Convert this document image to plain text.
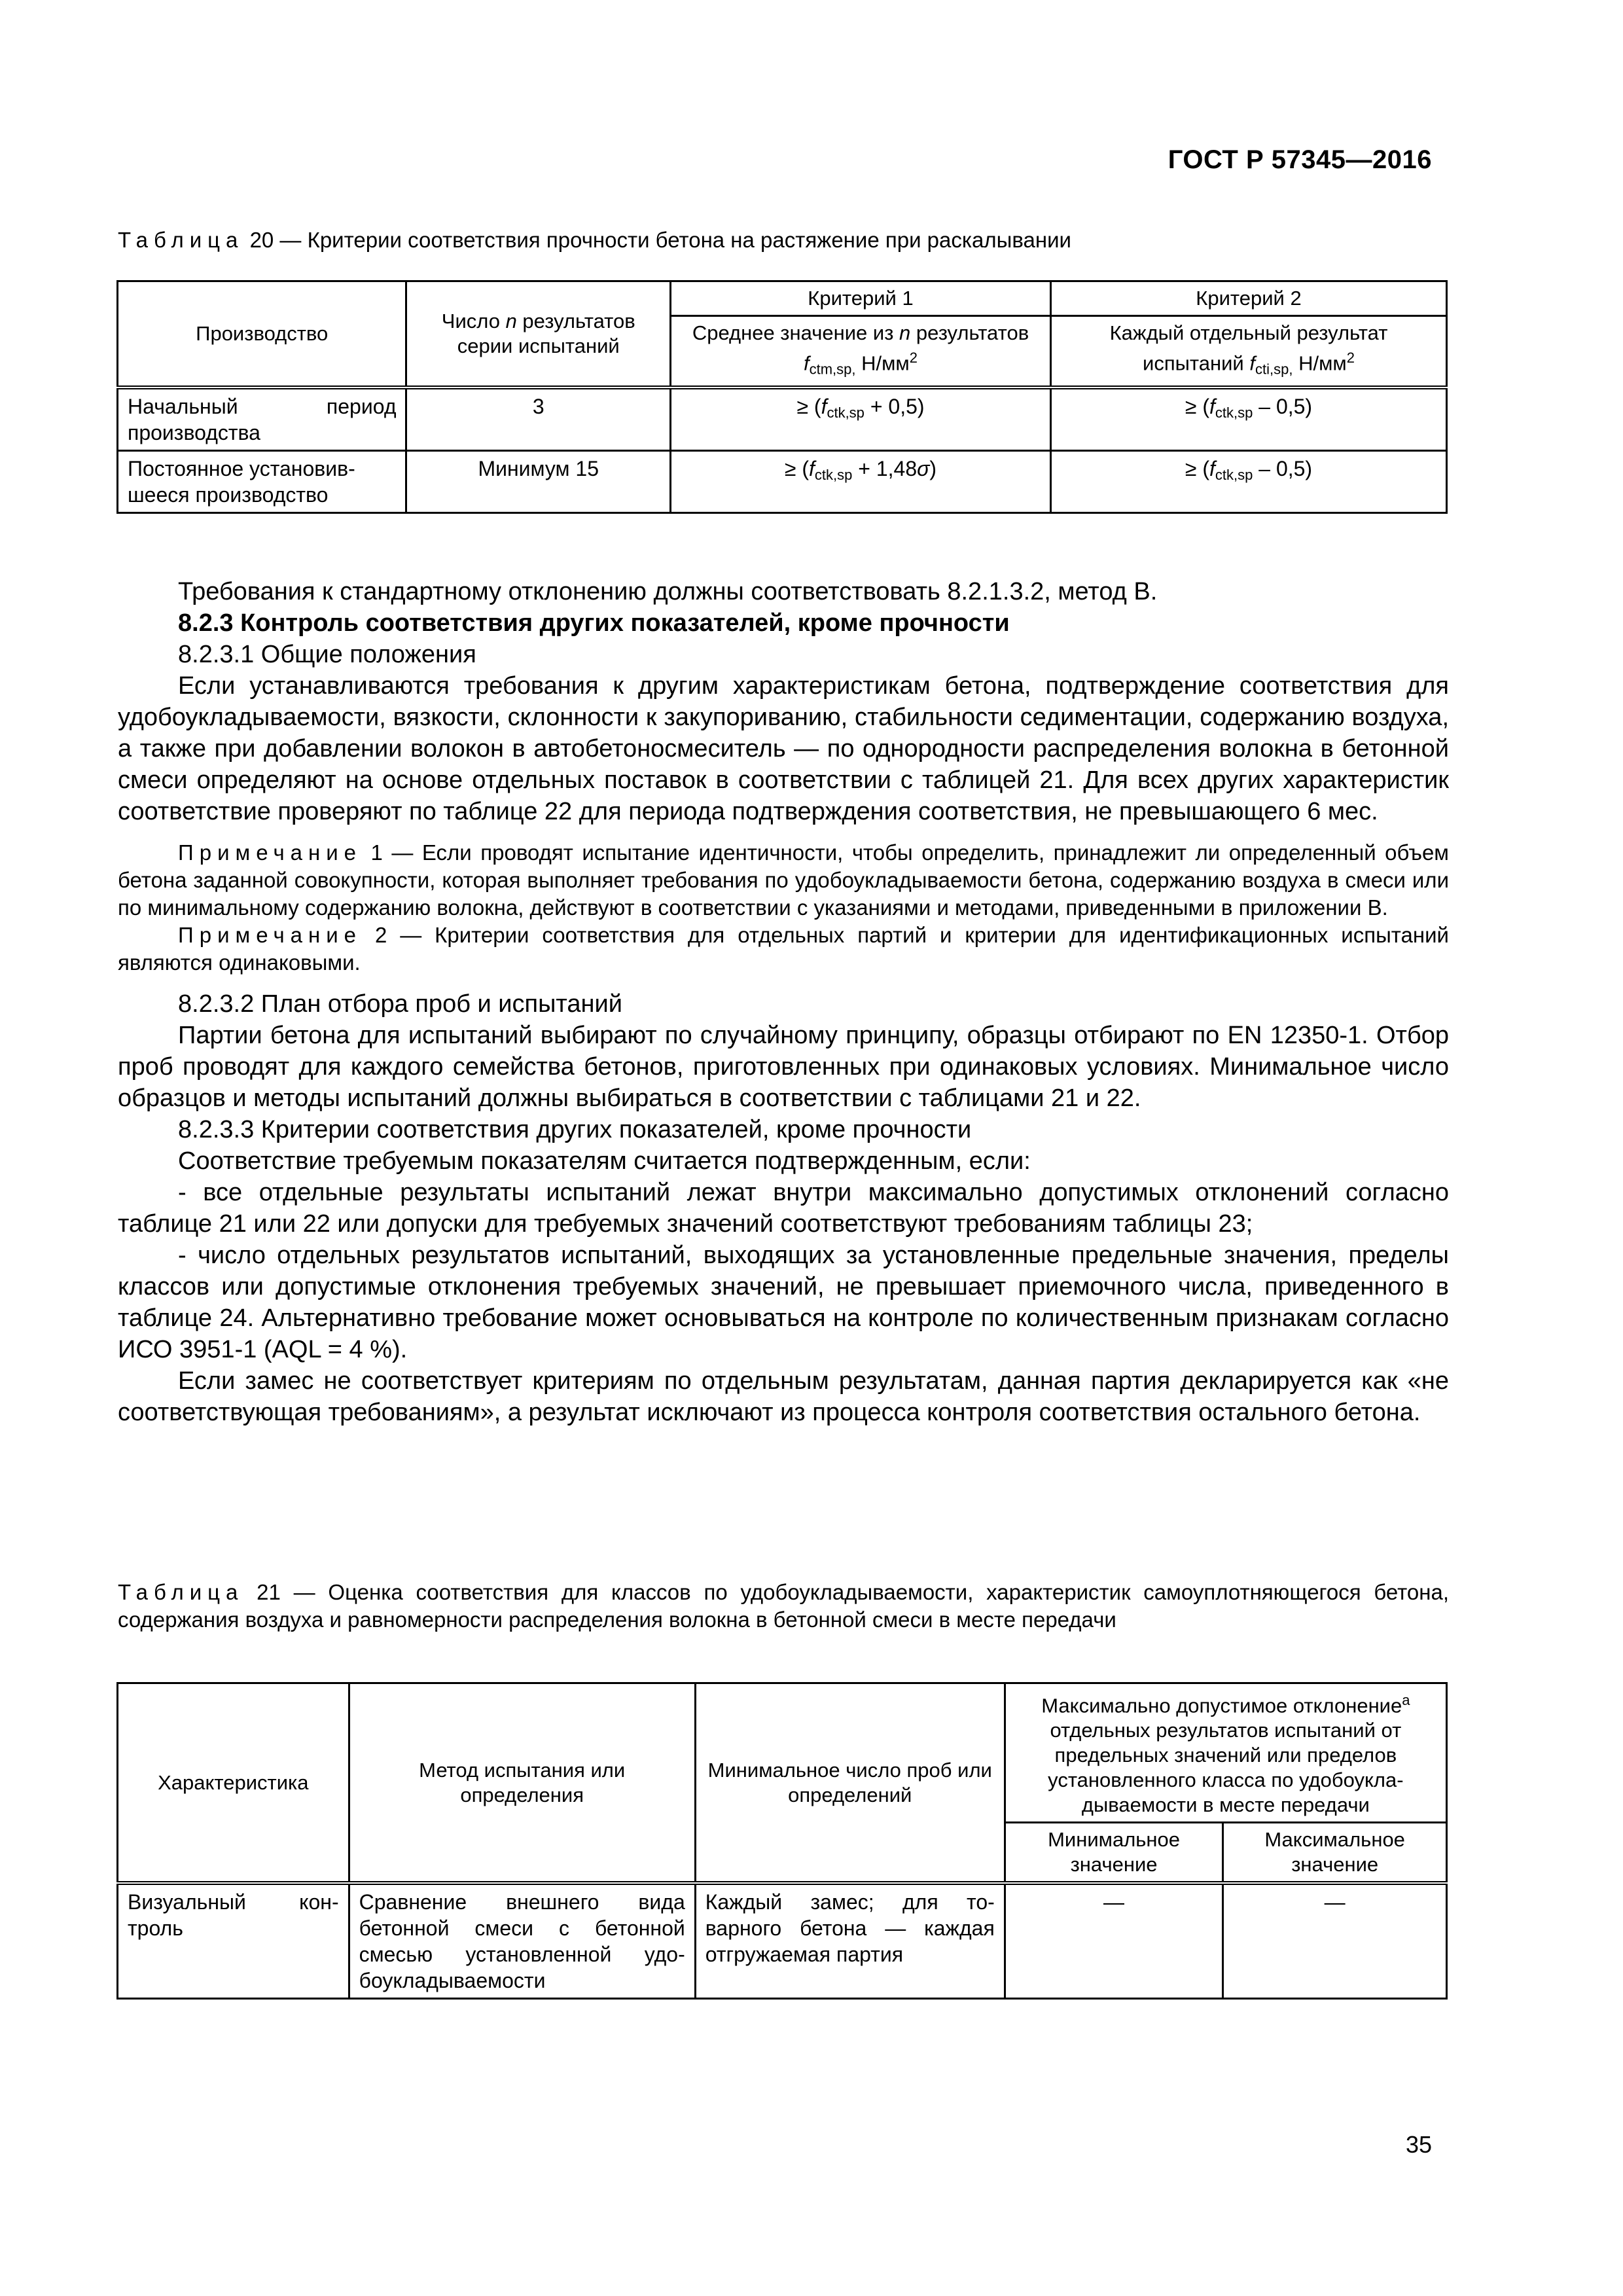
ГОСТ Р 57345—2016
Таблица 20 — Критерии соответствия прочности бетона на растяжение при раскалывании
Производство	Число n результатов серии испытаний	Критерий 1	Критерий 2
		Среднее значение из n результатов $f_{ctm,sp,}$ $Н/мм^2$	Каждый отдельный результат испытаний $f_{cti,sp,}$ $Н/мм^2$
Начальный период производства	3	≥ $(f_{ctk,sp} + 0,5)$	≥ $(f_{ctk,sp} - 0,5)$
Постоянное установившееся производство	Минимум 15	≥ $(f_{ctk,sp} + 1,48\sigma)$	≥ $(f_{ctk,sp} - 0,5)$

Требования к стандартному отклонению должны соответствовать 8.2.1.3.2, метод В.

8.2.3 Контроль соответствия других показателей, кроме прочности

8.2.3.1 Общие положения

Если устанавливаются требования к другим характеристикам бетона, подтверждение соответствия для удобоукладываемости, вязкости, склонности к закупориванию, стабильности седиментации, содержанию воздуха, а также при добавлении волокон в автобетоносмеситель — по однородности распределения волокна в бетонной смеси определяют на основе отдельных поставок в соответствии с таблицей 21. Для всех других характеристик соответствие проверяют по таблице 22 для периода подтверждения соответствия, не превышающего 6 мес.

Примечание 1 — Если проводят испытание идентичности, чтобы определить, принадлежит ли определенный объем бетона заданной совокупности, которая выполняет требования по удобоукладываемости бетона, содержанию воздуха в смеси или по минимальному содержанию волокна, действуют в соответствии с указаниями и методами, приведенными в приложении В.

Примечание 2 — Критерии соответствия для отдельных партий и критерии для идентификационных испытаний являются одинаковыми.

8.2.3.2 План отбора проб и испытаний

Партии бетона для испытаний выбирают по случайному принципу, образцы отбирают по EN 12350-1. Отбор проб проводят для каждого семейства бетонов, приготовленных при одинаковых условиях. Минимальное число образцов и методы испытаний должны выбираться в соответствии с таблицами 21 и 22.

8.2.3.3 Критерии соответствия других показателей, кроме прочности

Соответствие требуемым показателям считается подтвержденным, если:

- все отдельные результаты испытаний лежат внутри максимально допустимых отклонений согласно таблице 21 или 22 или допуски для требуемых значений соответствуют требованиям таблицы 23;

- число отдельных результатов испытаний, выходящих за установленные предельные значения, пределы классов или допустимые отклонения требуемых значений, не превышает приемочного числа, приведенного в таблице 24. Альтернативно требование может основываться на контроле по количественным признакам согласно ИСО 3951-1 (AQL = 4 %).

Если замес не соответствует критериям по отдельным результатам, данная партия декларируется как «не соответствующая требованиям», а результат исключают из процесса контроля соответствия остального бетона.

Таблица 21 — Оценка соответствия для классов по удобоукладываемости, характеристик самоуплотняющегося бетона, содержания воздуха и равномерности распределения волокна в бетонной смеси в месте передачи
Характеристика	Метод испытания или определения	Минимальное число проб или определений	Максимально допустимое отклонение$^a$ отдельных результатов испытаний от предельных значений или пределов установленного класса по удобоукладываемости в месте передачи	
			Минимальное значение	Максимальное значение
Визуальный контроль	Сравнение внешнего вида бетонной смеси с бетонной смесью установленной удобоукладываемости	Каждый замес; для товарного бетона — каждая отгружаемая партия	—	—
35
